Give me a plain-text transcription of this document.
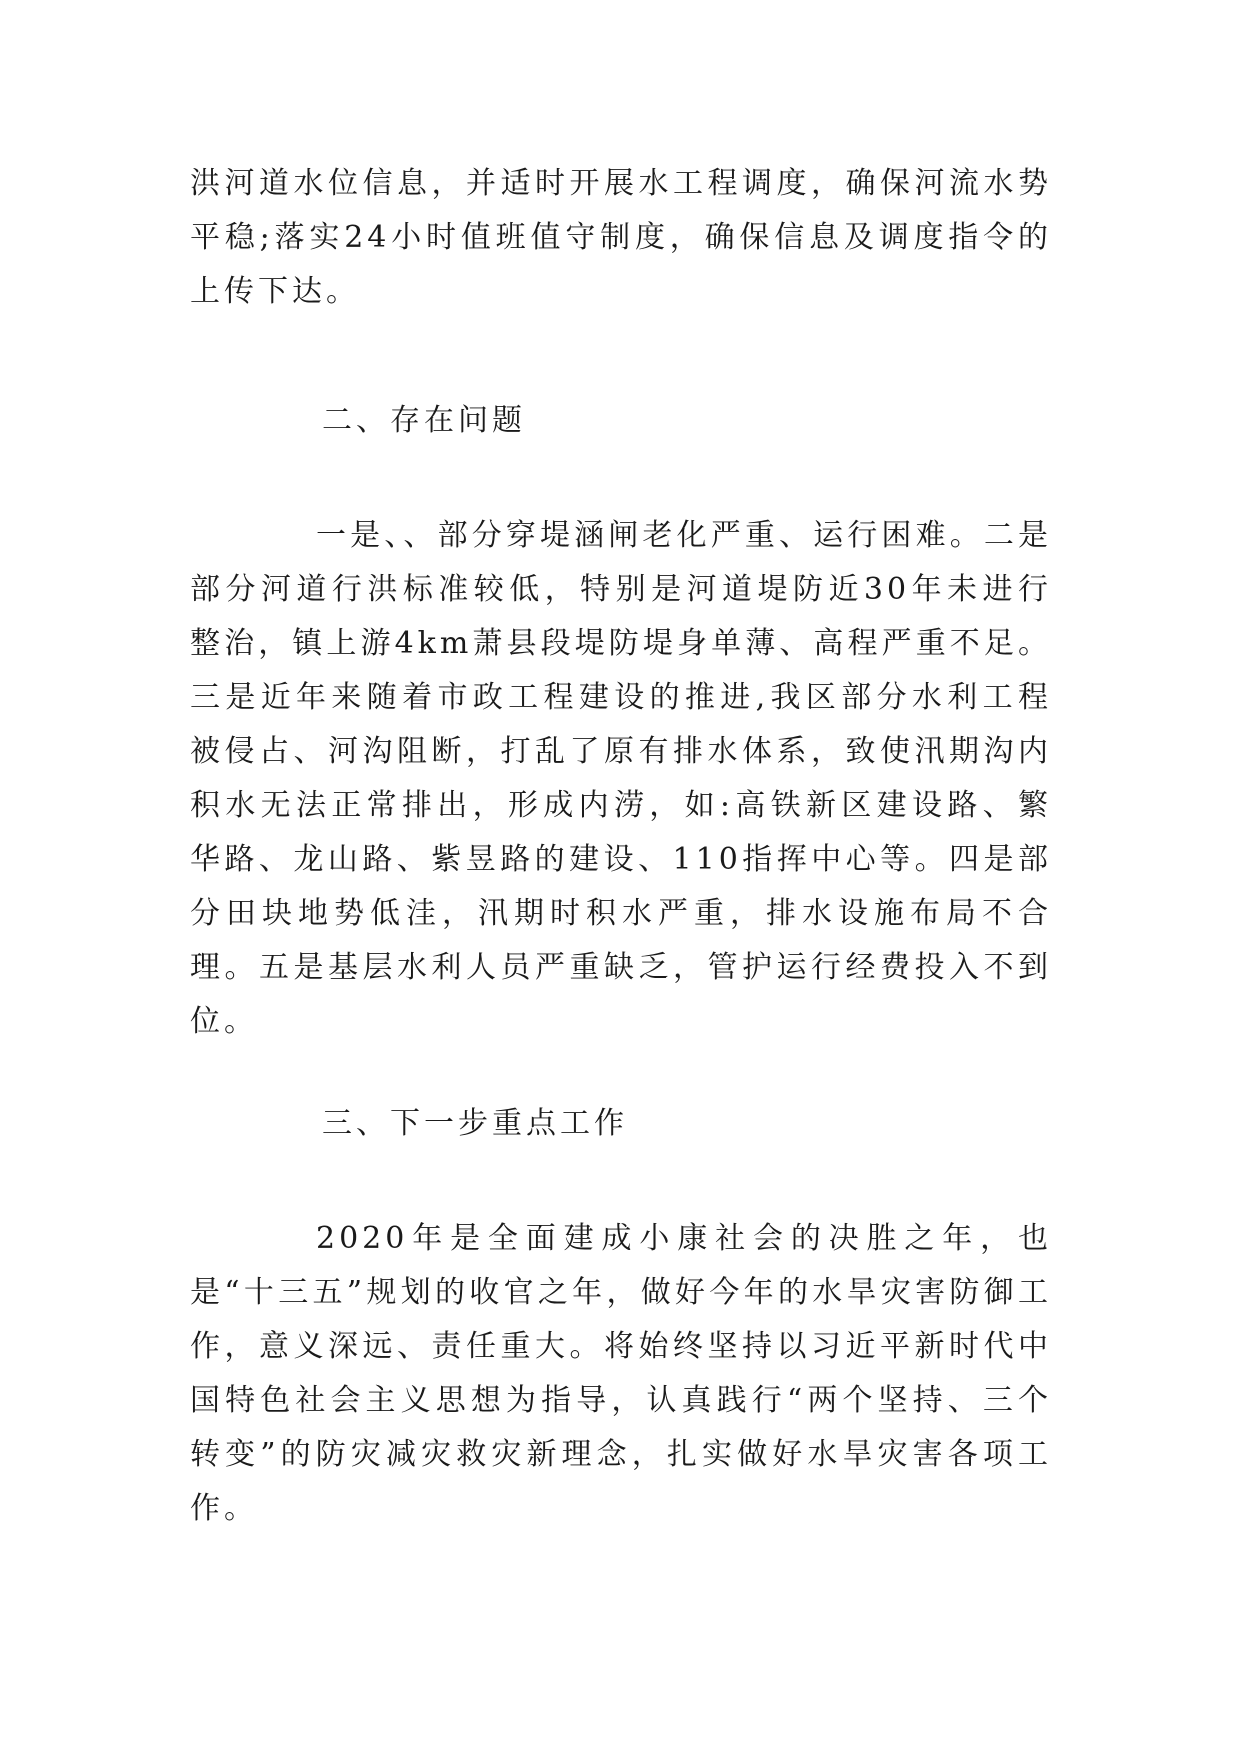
洪河道水位信息，并适时开展水工程调度，确保河流水势平稳;落实24小时值班值守制度，确保信息及调度指令的上传下达。

二、存在问题

一是、、部分穿堤涵闸老化严重、运行困难。二是部分河道行洪标准较低，特别是河道堤防近30年未进行整治，镇上游4km萧县段堤防堤身单薄、高程严重不足。三是近年来随着市政工程建设的推进,我区部分水利工程被侵占、河沟阻断，打乱了原有排水体系，致使汛期沟内积水无法正常排出，形成内涝，如:高铁新区建设路、繁华路、龙山路、紫昱路的建设、110指挥中心等。四是部分田块地势低洼，汛期时积水严重，排水设施布局不合理。五是基层水利人员严重缺乏，管护运行经费投入不到位。

三、下一步重点工作

2020年是全面建成小康社会的决胜之年，也是“十三五”规划的收官之年，做好今年的水旱灾害防御工作，意义深远、责任重大。将始终坚持以习近平新时代中国特色社会主义思想为指导，认真践行“两个坚持、三个转变”的防灾减灾救灾新理念，扎实做好水旱灾害各项工作。
